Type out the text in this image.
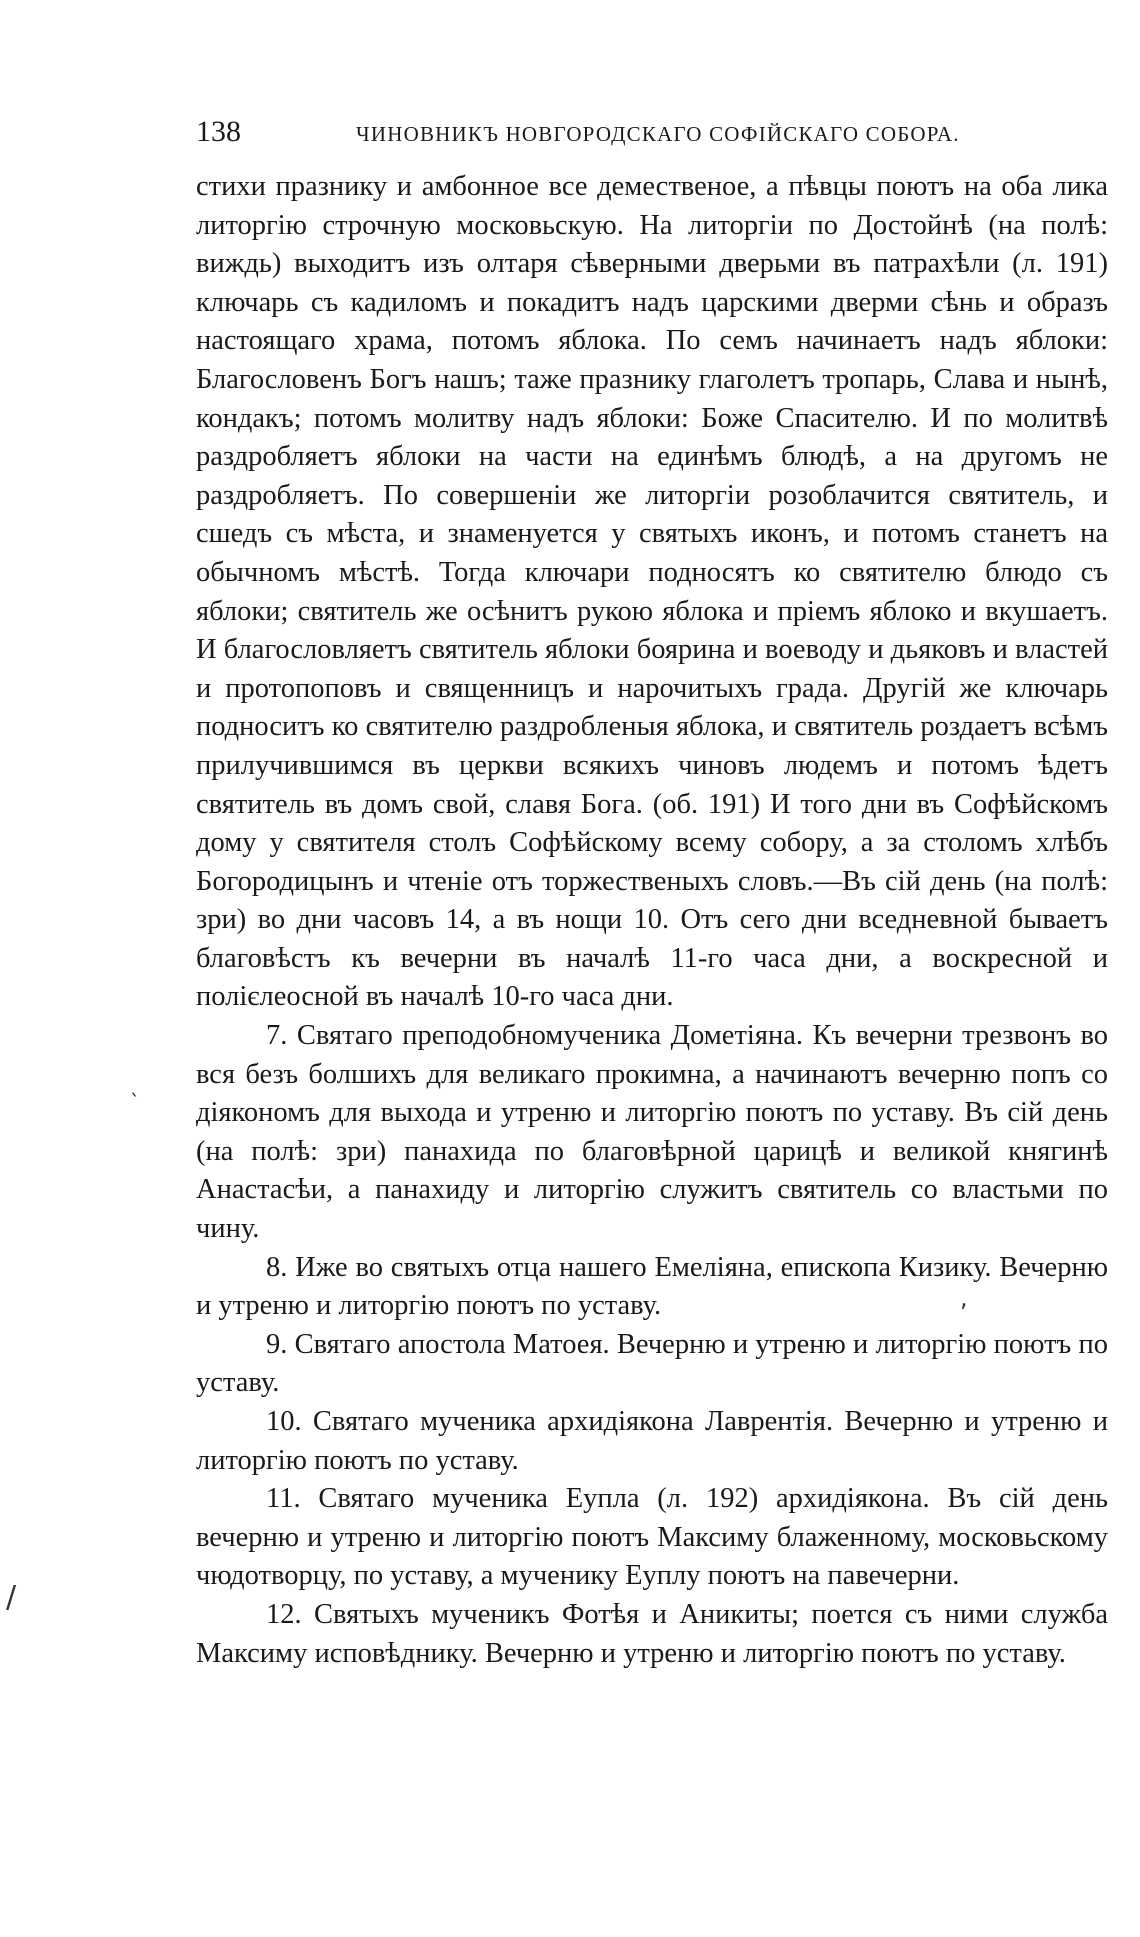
138	ЧИНОВНИКЪ НОВГОРОДСКАГО СОФІЙСКАГО СОБОРА.

стихи празнику и амбонное все демественое, а пѣвцы поютъ на оба лика литоргію строчную московьскую. На литоргіи по Достойнѣ (на полѣ: виждь) выходитъ изъ олтаря сѣверными дверьми въ патрахѣли (л. 191) ключарь съ кадиломъ и покадитъ надъ царскими дверми сѣнь и образъ настоящаго храма, потомъ яблока. По семъ начинаетъ надъ яблоки: Благословенъ Богъ нашъ; таже празнику глаголетъ тропарь, Слава и нынѣ, кондакъ; потомъ молитву надъ яблоки: Боже Спасителю. И по молитвѣ раздробляетъ яблоки на части на единѣмъ блюдѣ, а на другомъ не раздробляетъ. По совершеніи же литоргіи розоблачится святитель, и сшедъ съ мѣста, и знаменуется у святыхъ иконъ, и потомъ станетъ на обычномъ мѣстѣ. Тогда ключари подносятъ ко святителю блюдо съ яблоки; святитель же осѣнитъ рукою яблока и пріемъ яблоко и вкушаетъ. И благословляетъ святитель яблоки боярина и воеводу и дьяковъ и властей и протопоповъ и священницъ и нарочитыхъ града. Другій же ключарь подноситъ ко святителю раздробленыя яблока, и святитель роздаетъ всѣмъ прилучившимся въ церкви всякихъ чиновъ людемъ и потомъ ѣдетъ святитель въ домъ свой, славя Бога. (об. 191) И того дни въ Софѣйскомъ дому у святителя столъ Софѣйскому всему собору, а за столомъ хлѣбъ Богородицынъ и чтеніе отъ торжественыхъ словъ.—Въ сій день (на полѣ: зри) во дни часовъ 14, а въ нощи 10. Отъ сего дни вседневной бываетъ благовѣстъ къ вечерни въ началѣ 11-го часа дни, а воскресной и полієлеосной въ началѣ 10-го часа дни.

7. Святаго преподобномученика Дометіяна. Къ вечерни трезвонъ во вся безъ болшихъ для великаго прокимна, а начинаютъ вечерню попъ со діякономъ для выхода и утреню и литоргію поютъ по уставу. Въ сій день (на полѣ: зри) панахида по благовѣрной царицѣ и великой княгинѣ Анастасѣи, а панахиду и литоргію служитъ святитель со властьми по чину.

8. Иже во святыхъ отца нашего Емеліяна, епископа Кизику. Вечерню и утреню и литоргію поютъ по уставу.

9. Святаго апостола Матоея. Вечерню и утреню и литоргію поютъ по уставу.

10. Святаго мученика архидіякона Лаврентія. Вечерню и утреню и литоргію поютъ по уставу.

11. Святаго мученика Еупла (л. 192) архидіякона. Въ сій день вечерню и утреню и литоргію поютъ Максиму блаженному, московьскому чюдотворцу, по уставу, а мученику Еуплу поютъ на павечерни.

12. Святыхъ мученикъ Фотѣя и Аникиты; поется съ ними служба Максиму исповѣднику. Вечерню и утреню и литоргію поютъ по уставу.

`
/
,
